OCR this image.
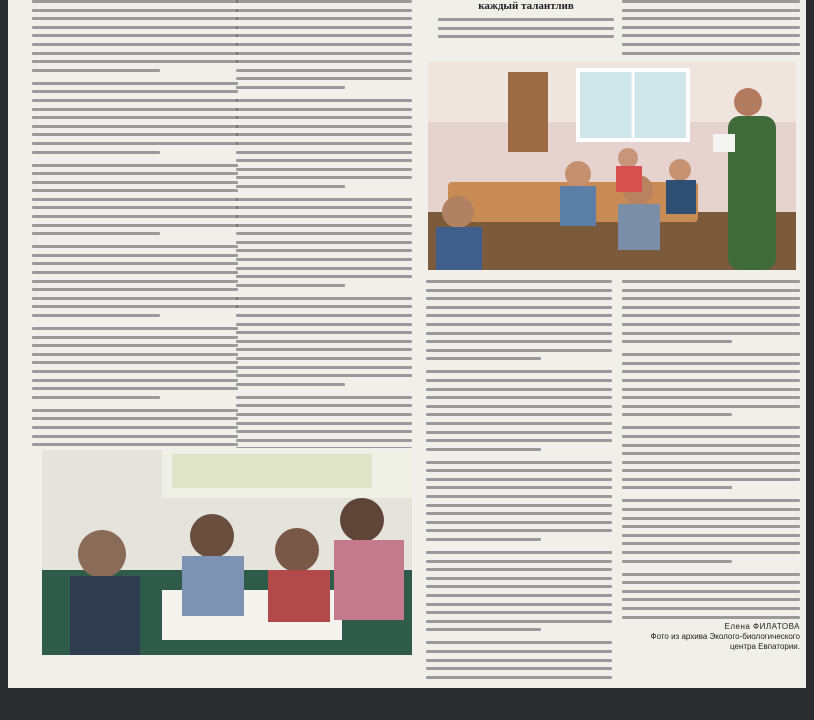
каждый талантлив
Елена ФИЛАТОВА
Фото из архива Эколого-биологического
центра Евпатории.
